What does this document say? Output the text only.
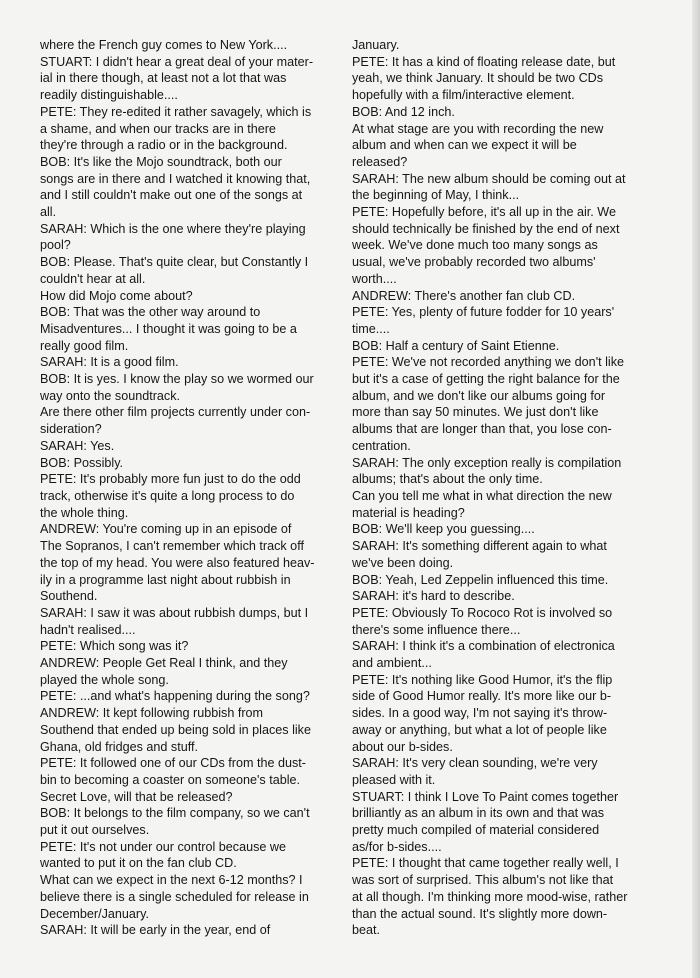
where the French guy comes to New York....

STUART: I didn't hear a great deal of your mater-
ial in there though, at least not a lot that was
readily distinguishable....

PETE: They re-edited it rather savagely, which is
a shame, and when our tracks are in there
they're through a radio or in the background.

BOB: It's like the Mojo soundtrack, both our
songs are in there and I watched it knowing that,
and I still couldn't make out one of the songs at
all.

SARAH: Which is the one where they're playing
pool?

BOB: Please. That's quite clear, but Constantly I
couldn't hear at all.

How did Mojo come about?

BOB: That was the other way around to
Misadventures... I thought it was going to be a
really good film.

SARAH: It is a good film.

BOB: It is yes. I know the play so we wormed our
way onto the soundtrack.

Are there other film projects currently under con-
sideration?

SARAH: Yes.

BOB: Possibly.

PETE: It's probably more fun just to do the odd
track, otherwise it's quite a long process to do
the whole thing.

ANDREW: You're coming up in an episode of
The Sopranos, I can't remember which track off
the top of my head. You were also featured heav-
ily in a programme last night about rubbish in
Southend.

SARAH: I saw it was about rubbish dumps, but I
hadn't realised....

PETE: Which song was it?

ANDREW: People Get Real I think, and they
played the whole song.

PETE: ...and what's happening during the song?

ANDREW: It kept following rubbish from
Southend that ended up being sold in places like
Ghana, old fridges and stuff.

PETE: It followed one of our CDs from the dust-
bin to becoming a coaster on someone's table.
Secret Love, will that be released?

BOB: It belongs to the film company, so we can't
put it out ourselves.

PETE: It's not under our control because we
wanted to put it on the fan club CD.

What can we expect in the next 6-12 months? I
believe there is a single scheduled for release in
December/January.

SARAH: It will be early in the year, end of

January.

PETE: It has a kind of floating release date, but
yeah, we think January. It should be two CDs
hopefully with a film/interactive element.

BOB: And 12 inch.

At what stage are you with recording the new
album and when can we expect it will be
released?

SARAH: The new album should be coming out at
the beginning of May, I think...

PETE: Hopefully before, it's all up in the air. We
should technically be finished by the end of next
week. We've done much too many songs as
usual, we've probably recorded two albums'
worth....

ANDREW: There's another fan club CD.

PETE: Yes, plenty of future fodder for 10 years'
time....

BOB: Half a century of Saint Etienne.

PETE: We've not recorded anything we don't like
but it's a case of getting the right balance for the
album, and we don't like our albums going for
more than say 50 minutes. We just don't like
albums that are longer than that, you lose con-
centration.

SARAH: The only exception really is compilation
albums; that's about the only time.

Can you tell me what in what direction the new
material is heading?

BOB: We'll keep you guessing....

SARAH: It's something different again to what
we've been doing.

BOB: Yeah, Led Zeppelin influenced this time.

SARAH: it's hard to describe.

PETE: Obviously To Rococo Rot is involved so
there's some influence there...

SARAH: I think it's a combination of electronica
and ambient...

PETE: It's nothing like Good Humor, it's the flip
side of Good Humor really. It's more like our b-
sides. In a good way, I'm not saying it's throw-
away or anything, but what a lot of people like
about our b-sides.

SARAH: It's very clean sounding, we're very
pleased with it.

STUART: I think I Love To Paint comes together
brilliantly as an album in its own and that was
pretty much compiled of material considered
as/for b-sides....

PETE: I thought that came together really well, I
was sort of surprised. This album's not like that
at all though. I'm thinking more mood-wise, rather
than the actual sound. It's slightly more down-
beat.
